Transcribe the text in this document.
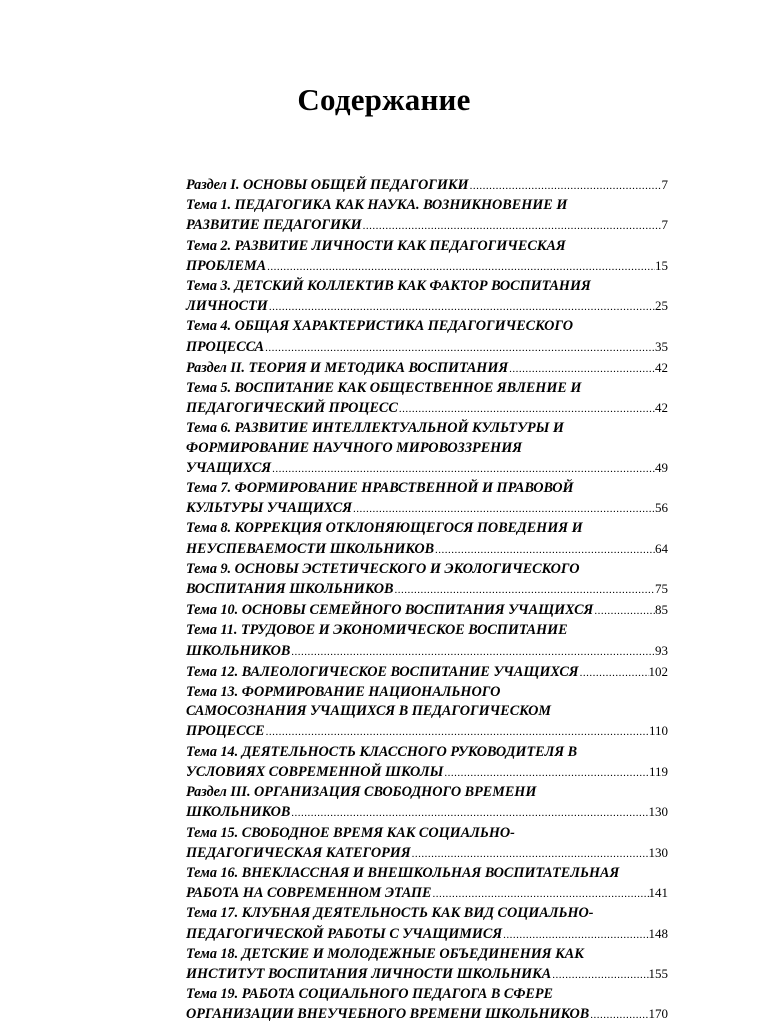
Содержание
Раздел I. ОСНОВЫ ОБЩЕЙ ПЕДАГОГИКИ .....	7
Тема 1. ПЕДАГОГИКА КАК НАУКА. ВОЗНИКНОВЕНИЕ И
РАЗВИТИЕ ПЕДАГОГИКИ .....	7
Тема 2. РАЗВИТИЕ ЛИЧНОСТИ КАК ПЕДАГОГИЧЕСКАЯ
ПРОБЛЕМА .....	15
Тема 3. ДЕТСКИЙ КОЛЛЕКТИВ КАК ФАКТОР ВОСПИТАНИЯ
ЛИЧНОСТИ .....	25
Тема 4. ОБЩАЯ ХАРАКТЕРИСТИКА ПЕДАГОГИЧЕСКОГО
ПРОЦЕССА .....	35
Раздел II. ТЕОРИЯ И МЕТОДИКА ВОСПИТАНИЯ .....	42
Тема 5. ВОСПИТАНИЕ КАК ОБЩЕСТВЕННОЕ ЯВЛЕНИЕ И
ПЕДАГОГИЧЕСКИЙ ПРОЦЕСС .....	42
Тема 6. РАЗВИТИЕ ИНТЕЛЛЕКТУАЛЬНОЙ КУЛЬТУРЫ И
ФОРМИРОВАНИЕ НАУЧНОГО МИРОВОЗЗРЕНИЯ
УЧАЩИХСЯ .....	49
Тема 7. ФОРМИРОВАНИЕ НРАВСТВЕННОЙ И ПРАВОВОЙ
КУЛЬТУРЫ УЧАЩИХСЯ .....	56
Тема 8. КОРРЕКЦИЯ ОТКЛОНЯЮЩЕГОСЯ ПОВЕДЕНИЯ И
НЕУСПЕВАЕМОСТИ ШКОЛЬНИКОВ .....	64
Тема 9. ОСНОВЫ ЭСТЕТИЧЕСКОГО И ЭКОЛОГИЧЕСКОГО
ВОСПИТАНИЯ ШКОЛЬНИКОВ .....	75
Тема 10. ОСНОВЫ СЕМЕЙНОГО ВОСПИТАНИЯ УЧАЩИХСЯ .....	85
Тема 11. ТРУДОВОЕ И ЭКОНОМИЧЕСКОЕ ВОСПИТАНИЕ
ШКОЛЬНИКОВ .....	93
Тема 12. ВАЛЕОЛОГИЧЕСКОЕ ВОСПИТАНИЕ УЧАЩИХСЯ .....	102
Тема 13. ФОРМИРОВАНИЕ НАЦИОНАЛЬНОГО
САМОСОЗНАНИЯ УЧАЩИХСЯ В ПЕДАГОГИЧЕСКОМ
ПРОЦЕССЕ .....	110
Тема 14. ДЕЯТЕЛЬНОСТЬ КЛАССНОГО РУКОВОДИТЕЛЯ В
УСЛОВИЯХ СОВРЕМЕННОЙ ШКОЛЫ .....	119
Раздел III. ОРГАНИЗАЦИЯ СВОБОДНОГО ВРЕМЕНИ
ШКОЛЬНИКОВ .....	130
Тема 15. СВОБОДНОЕ ВРЕМЯ КАК СОЦИАЛЬНО-
ПЕДАГОГИЧЕСКАЯ КАТЕГОРИЯ .....	130
Тема 16. ВНЕКЛАССНАЯ И ВНЕШКОЛЬНАЯ ВОСПИТАТЕЛЬНАЯ
РАБОТА НА СОВРЕМЕННОМ ЭТАПЕ .....	141
Тема 17. КЛУБНАЯ ДЕЯТЕЛЬНОСТЬ КАК ВИД СОЦИАЛЬНО-
ПЕДАГОГИЧЕСКОЙ РАБОТЫ С УЧАЩИМИСЯ .....	148
Тема 18. ДЕТСКИЕ И МОЛОДЕЖНЫЕ ОБЪЕДИНЕНИЯ КАК
ИНСТИТУТ ВОСПИТАНИЯ ЛИЧНОСТИ ШКОЛЬНИКА .....	155
Тема 19. РАБОТА СОЦИАЛЬНОГО ПЕДАГОГА В СФЕРЕ
ОРГАНИЗАЦИИ ВНЕУЧЕБНОГО ВРЕМЕНИ ШКОЛЬНИКОВ .....	170
